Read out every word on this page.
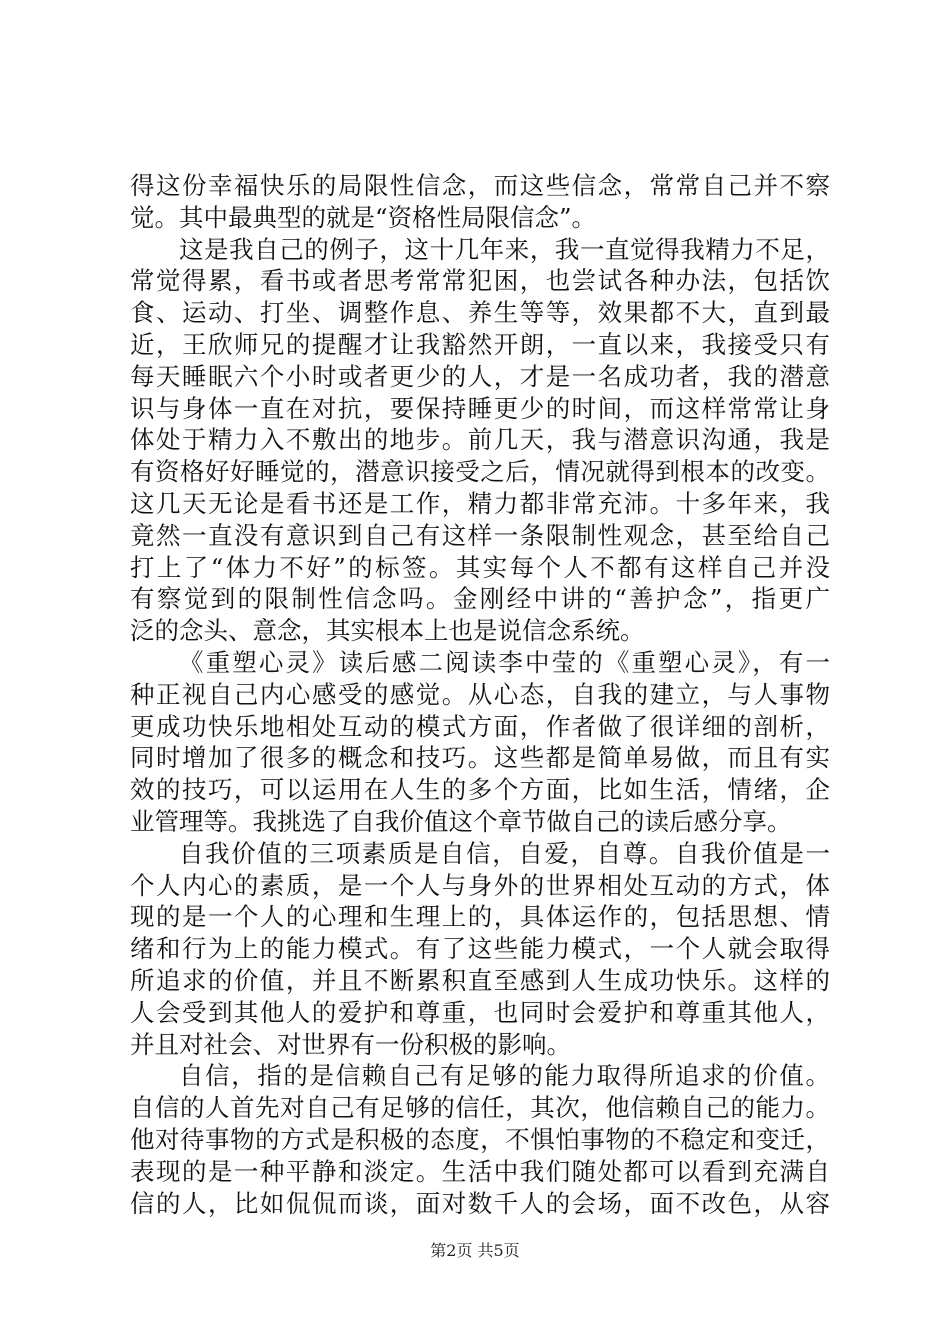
得这份幸福快乐的局限性信念，而这些信念，常常自己并不察
觉。其中最典型的就是“资格性局限信念”。
这是我自己的例子，这十几年来，我一直觉得我精力不足，
常觉得累，看书或者思考常常犯困，也尝试各种办法，包括饮
食、运动、打坐、调整作息、养生等等，效果都不大，直到最
近，王欣师兄的提醒才让我豁然开朗，一直以来，我接受只有
每天睡眠六个小时或者更少的人，才是一名成功者，我的潜意
识与身体一直在对抗，要保持睡更少的时间，而这样常常让身
体处于精力入不敷出的地步。前几天，我与潜意识沟通，我是
有资格好好睡觉的，潜意识接受之后，情况就得到根本的改变。
这几天无论是看书还是工作，精力都非常充沛。十多年来，我
竟然一直没有意识到自己有这样一条限制性观念，甚至给自己
打上了“体力不好”的标签。其实每个人不都有这样自己并没
有察觉到的限制性信念吗。金刚经中讲的“善护念”，指更广
泛的念头、意念，其实根本上也是说信念系统。
《重塑心灵》读后感二阅读李中莹的《重塑心灵》，有一
种正视自己内心感受的感觉。从心态，自我的建立，与人事物
更成功快乐地相处互动的模式方面，作者做了很详细的剖析，
同时增加了很多的概念和技巧。这些都是简单易做，而且有实
效的技巧，可以运用在人生的多个方面，比如生活，情绪，企
业管理等。我挑选了自我价值这个章节做自己的读后感分享。
自我价值的三项素质是自信，自爱，自尊。自我价值是一
个人内心的素质，是一个人与身外的世界相处互动的方式，体
现的是一个人的心理和生理上的，具体运作的，包括思想、情
绪和行为上的能力模式。有了这些能力模式，一个人就会取得
所追求的价值，并且不断累积直至感到人生成功快乐。这样的
人会受到其他人的爱护和尊重，也同时会爱护和尊重其他人，
并且对社会、对世界有一份积极的影响。
自信，指的是信赖自己有足够的能力取得所追求的价值。
自信的人首先对自己有足够的信任，其次，他信赖自己的能力。
他对待事物的方式是积极的态度，不惧怕事物的不稳定和变迁，
表现的是一种平静和淡定。生活中我们随处都可以看到充满自
信的人，比如侃侃而谈，面对数千人的会场，面不改色，从容
第2页 共5页
